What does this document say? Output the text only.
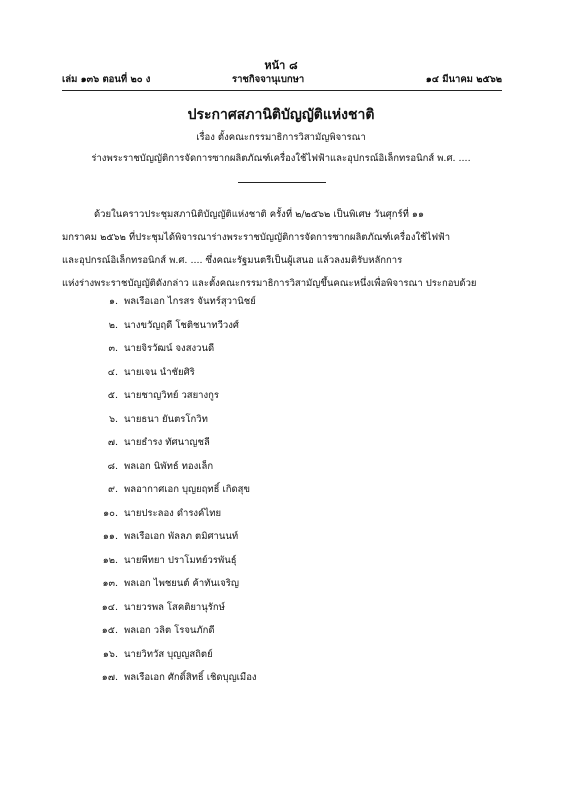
หน้า ๘
เล่ม ๑๓๖ ตอนที่ ๒๐ ง	ราชกิจจานุเบกษา	๑๔ มีนาคม ๒๕๖๒
ประกาศสภานิติบัญญัติแห่งชาติ
เรื่อง ตั้งคณะกรรมาธิการวิสามัญพิจารณา
ร่างพระราชบัญญัติการจัดการซากผลิตภัณฑ์เครื่องใช้ไฟฟ้าและอุปกรณ์อิเล็กทรอนิกส์ พ.ศ. ....

ด้วยในคราวประชุมสภานิติบัญญัติแห่งชาติ ครั้งที่ ๒/๒๕๖๒ เป็นพิเศษ วันศุกร์ที่ ๑๑

มกราคม ๒๕๖๒ ที่ประชุมได้พิจารณาร่างพระราชบัญญัติการจัดการซากผลิตภัณฑ์เครื่องใช้ไฟฟ้า

และอุปกรณ์อิเล็กทรอนิกส์ พ.ศ. .... ซึ่งคณะรัฐมนตรีเป็นผู้เสนอ แล้วลงมติรับหลักการ

แห่งร่างพระราชบัญญัติดังกล่าว และตั้งคณะกรรมาธิการวิสามัญขึ้นคณะหนึ่งเพื่อพิจารณา ประกอบด้วย

๑. พลเรือเอก ไกรสร จันทร์สุวานิชย์
๒. นางขวัญฤดี โชติชนาทวีวงศ์
๓. นายจิรวัฒน์ จงสงวนดี
๔. นายเจน นำชัยศิริ
๕. นายชาญวิทย์ วสยางกูร
๖. นายธนา ยันตรโกวิท
๗. นายธำรง ทัศนาญชลี
๘. พลเอก นิพัทธ์ ทองเล็ก
๙. พลอากาศเอก บุญยฤทธิ์ เกิดสุข
๑๐. นายประลอง ดำรงค์ไทย
๑๑. พลเรือเอก พัลลภ ตมิศานนท์
๑๒. นายพีทยา ปราโมทย์วรพันธุ์
๑๓. พลเอก ไพชยนต์ ค้าทันเจริญ
๑๔. นายวรพล โสคติยานุรักษ์
๑๕. พลเอก วลิต โรจนภักดี
๑๖. นายวิทวัส บุญญสถิตย์
๑๗. พลเรือเอก ศักดิ์สิทธิ์ เชิดบุญเมือง
